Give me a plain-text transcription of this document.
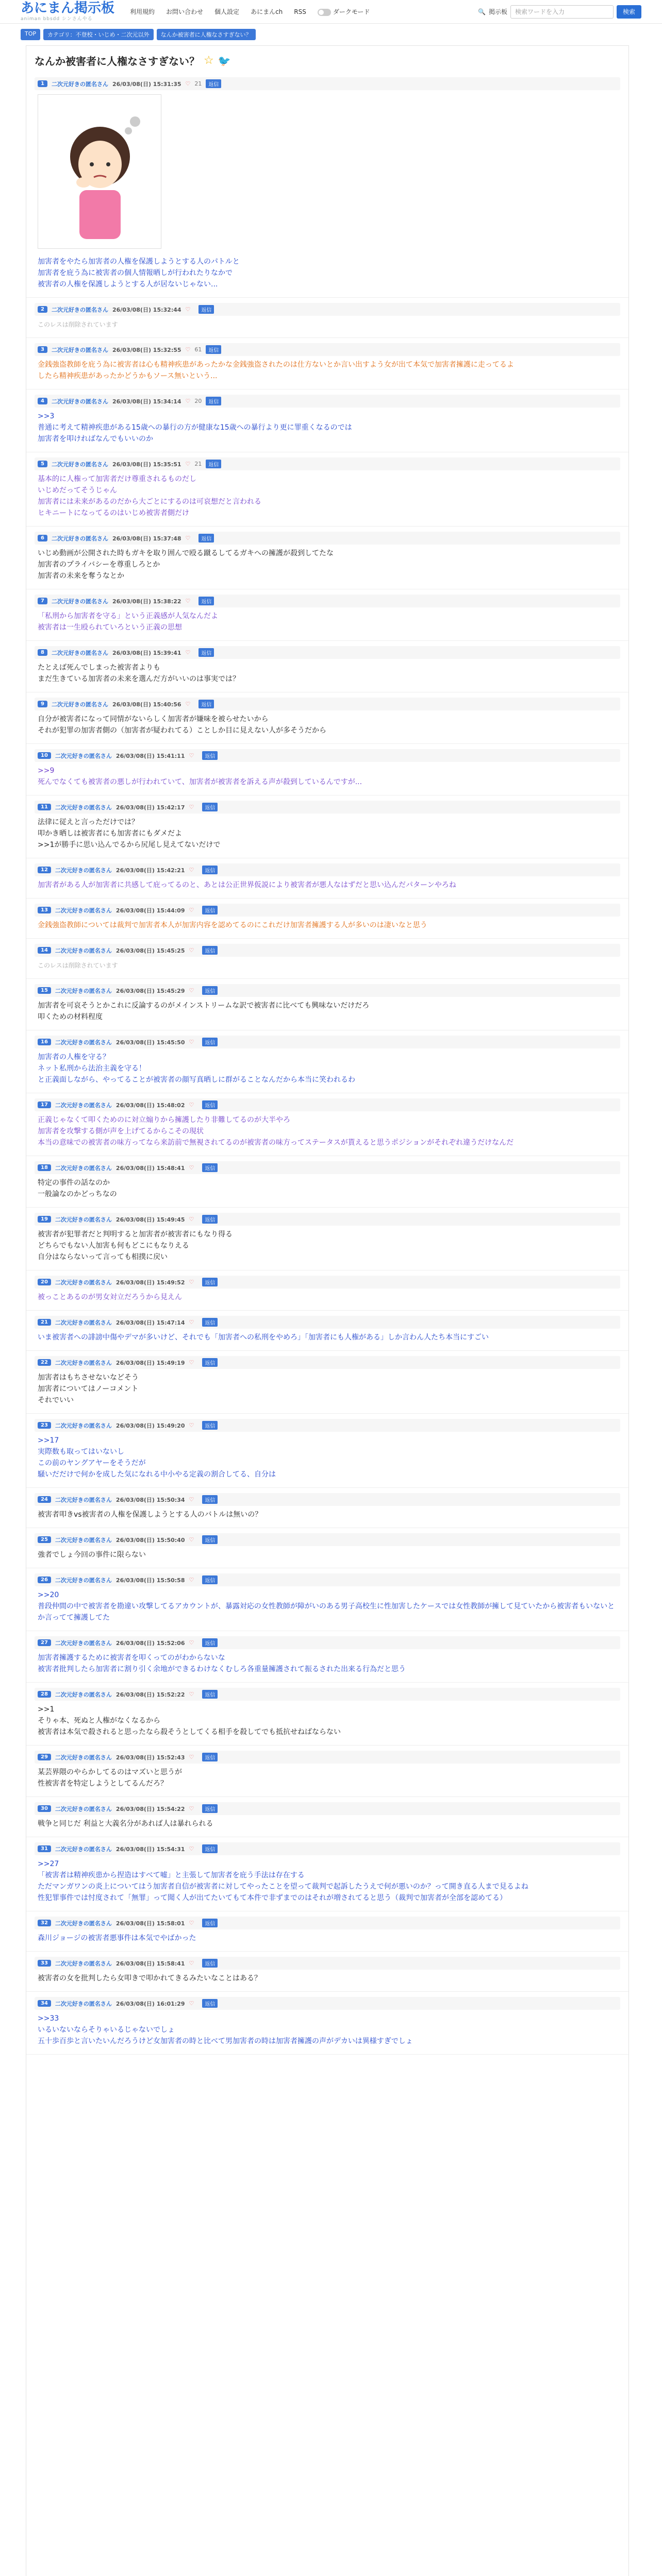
あにまん掲示板
animan bbsdd シンさんやる
利用規約 お問い合わせ 個人設定 あにまんch RSS	ダークモード	🔍 掲示板	検索ワードを入力	検索
TOP	カテゴリ：不登校・いじめ・二次元以外	なんか被害者に人権なさすぎない？
なんか被害者に人権なさすぎない？ ☆ 🐦
1	二次元好きの匿名さん 26/03/08(日) 15:31:35 ♡ 21	返信
加害者をやたら加害者の人権を保護しようとする人のパトルと
加害者を庇う為に被害者の個人情報晒しが行われたりなかで
被害者の人権を保護しようとする人が居ないじゃない...
2	二次元好きの匿名さん 26/03/08(日) 15:32:44 ♡	返信
このレスは削除されています
3	二次元好きの匿名さん 26/03/08(日) 15:32:55 ♡ 61	返信
金銭強盗教師を庇う為に被害者は心も精神疾患があったかな金銭強盗されたのは仕方ないとか言い出すよう女が出て本気で加害者擁護に走ってるよ
したら精神疾患があったかどうかもソース無いという...
4	二次元好きの匿名さん 26/03/08(日) 15:34:14 ♡ 20	返信
>>3
普通に考えて精神疾患がある15歳への暴行の方が健康な15歳への暴行より更に罪重くなるのでは
加害者を叩ければなんでもいいのか
5	二次元好きの匿名さん 26/03/08(日) 15:35:51 ♡ 21	返信
基本的に人権って加害者だけ尊重されるものだし
いじめだってそうじゃん
加害者には未来があるのだから大ごとにするのは可哀想だと言われる
ヒキニートになってるのはいじめ被害者側だけ
6	二次元好きの匿名さん 26/03/08(日) 15:37:48 ♡	返信
いじめ動画が公開された時もガキを取り囲んで殴る蹴るしてるガキへの擁護が殺到してたな
加害者のプライバシーを尊重しろとか
加害者の未来を奪うなとか
7	二次元好きの匿名さん 26/03/08(日) 15:38:22 ♡	返信
「私刑から加害者を守る」という正義感が人気なんだよ
被害者は一生殴られていろという正義の思想
8	二次元好きの匿名さん 26/03/08(日) 15:39:41 ♡	返信
たとえば死んでしまった被害者よりも
まだ生きている加害者の未来を選んだ方がいいのは事実では？
9	二次元好きの匿名さん 26/03/08(日) 15:40:56 ♡	返信
自分が被害者になって同情がないらしく加害者が嫌味を被らせたいから
それが犯罪の加害者側の（加害者が疑われてる）ことしか目に見えない人が多そうだから
10	二次元好きの匿名さん 26/03/08(日) 15:41:11 ♡	返信
>>9
死んでなくても被害者の悪しが行われていて、加害者が被害者を訴える声が殺到しているんですが...
11	二次元好きの匿名さん 26/03/08(日) 15:42:17 ♡	返信
法律に従えと言っただけでは？
叩かき晒しは被害者にも加害者にもダメだよ
>>1が勝手に思い込んでるから尻尾し見えてないだけで
12	二次元好きの匿名さん 26/03/08(日) 15:42:21 ♡	返信
加害者がある人が加害者に共感して庇ってるのと、あとは公正世界仮説により被害者が悪人なはずだと思い込んだパターンやろね
13	二次元好きの匿名さん 26/03/08(日) 15:44:09 ♡	返信
金銭強盗教師については裁判で加害者本人が加害内容を認めてるのにこれだけ加害者擁護する人が多いのは凄いなと思う
14	二次元好きの匿名さん 26/03/08(日) 15:45:25 ♡	返信
このレスは削除されています
15	二次元好きの匿名さん 26/03/08(日) 15:45:29 ♡	返信
加害者を可哀そうとかこれに反論するのがメインストリームな訳で被害者に比べても興味ないだけだろ
叩くための材料程度
16	二次元好きの匿名さん 26/03/08(日) 15:45:50 ♡	返信
加害者の人権を守る？
ネット私刑から法治主義を守る！
と正義面しながら、やってることが被害者の顔写真晒しに群がることなんだから本当に笑われるわ
17	二次元好きの匿名さん 26/03/08(日) 15:48:02 ♡	返信
正義じゃなくて叩くためのに対立煽りから擁護したり非難してるのが大半やろ
加害者を攻撃する側が声を上げてるからこその現状
本当の意味での被害者の味方ってなら来訪前で無視されてるのが被害者の味方ってステータスが貰えると思うポジションがそれぞれ違うだけなんだ
18	二次元好きの匿名さん 26/03/08(日) 15:48:41 ♡	返信
特定の事件の話なのか
一般論なのかどっちなの
19	二次元好きの匿名さん 26/03/08(日) 15:49:45 ♡	返信
被害者が犯罪者だと判明すると加害者が被害者にもなり得る
どちらでもない人加害も何もどこにもなりえる
自分はならないって言っても相撲に戻い
20	二次元好きの匿名さん 26/03/08(日) 15:49:52 ♡	返信
被っことあるのが男女対立だろうから見えん
21	二次元好きの匿名さん 26/03/08(日) 15:47:14 ♡	返信
いま被害者への誹謗中傷やデマが多いけど、それでも「加害者への私刑をやめろ」「加害者にも人権がある」しか言わん人たち本当にすごい
22	二次元好きの匿名さん 26/03/08(日) 15:49:19 ♡	返信
加害者はもちさせないなどそう
加害者についてはノーコメント
それでいい
23	二次元好きの匿名さん 26/03/08(日) 15:49:20 ♡	返信
>>17
実際数も取ってはいないし
この前のヤングアヤーをそうだが
騒いだだけで何かを成した気になれる中小やる定義の割合してる、自分は
24	二次元好きの匿名さん 26/03/08(日) 15:50:34 ♡	返信
被害者叩きvs被害者の人権を保護しようとする人のバトルは無いの？
25	二次元好きの匿名さん 26/03/08(日) 15:50:40 ♡	返信
強者でしょ今回の事件に限らない
26	二次元好きの匿名さん 26/03/08(日) 15:50:58 ♡	返信
>>20
普段仲間の中で被害者を勘違い攻撃してるアカウントが、暴露対応の女性教師が障がいのある男子高校生に性加害したケースでは女性教師が擁して見ていたから被害者もいないとか言ってて擁護してた
27	二次元好きの匿名さん 26/03/08(日) 15:52:06 ♡	返信
加害者擁護するために被害者を叩くってのがわからないな
被害者批判したら加害者に割り引く余地ができるわけなくむしろ各重量擁護されて振るされた出来る行為だと思う
28	二次元好きの匿名さん 26/03/08(日) 15:52:22 ♡	返信
>>1
そりゃ本、死ぬと人権がなくなるから
被害者は本気で殺されると思ったなら殺そうとしてくる相手を殺してでも抵抗せねばならない
29	二次元好きの匿名さん 26/03/08(日) 15:52:43 ♡	返信
某芸界隈のやらかしてるのはマズいと思うが
性被害者を特定しようとしてるんだろ？
30	二次元好きの匿名さん 26/03/08(日) 15:54:22 ♡	返信
戦争と同じだ 利益と大義名分があれば人は暴れられる
31	二次元好きの匿名さん 26/03/08(日) 15:54:31 ♡	返信
>>27
「被害者は精神疾患から捏造はすべて嘘」と主張して加害者を庇う手法は存在する
ただマンガワンの炎上についてはう加害者自信が被害者に対してやったことを望って裁判で起訴したうえで何が悪いのか？って開き直る人まで見るよね
性犯罪事件では忖度されて「無罪」って聞く人が出てたいてもて本件で非ずまでのはそれが増されてると思う（裁判で加害者が全部を認めてる）
32	二次元好きの匿名さん 26/03/08(日) 15:58:01 ♡	返信
森川ジョージの被害者悪事件は本気でやばかった
33	二次元好きの匿名さん 26/03/08(日) 15:58:41 ♡	返信
被害者の女を批判したら女叩きで叩かれてきるみたいなことはある？
34	二次元好きの匿名さん 26/03/08(日) 16:01:29 ♡	返信
>>33
いるいないならそりゃいるじゃないでしょ
五十歩百歩と言いたいんだろうけど女加害者の時と比べて男加害者の時は加害者擁護の声がデカいは異様すぎでしょ
